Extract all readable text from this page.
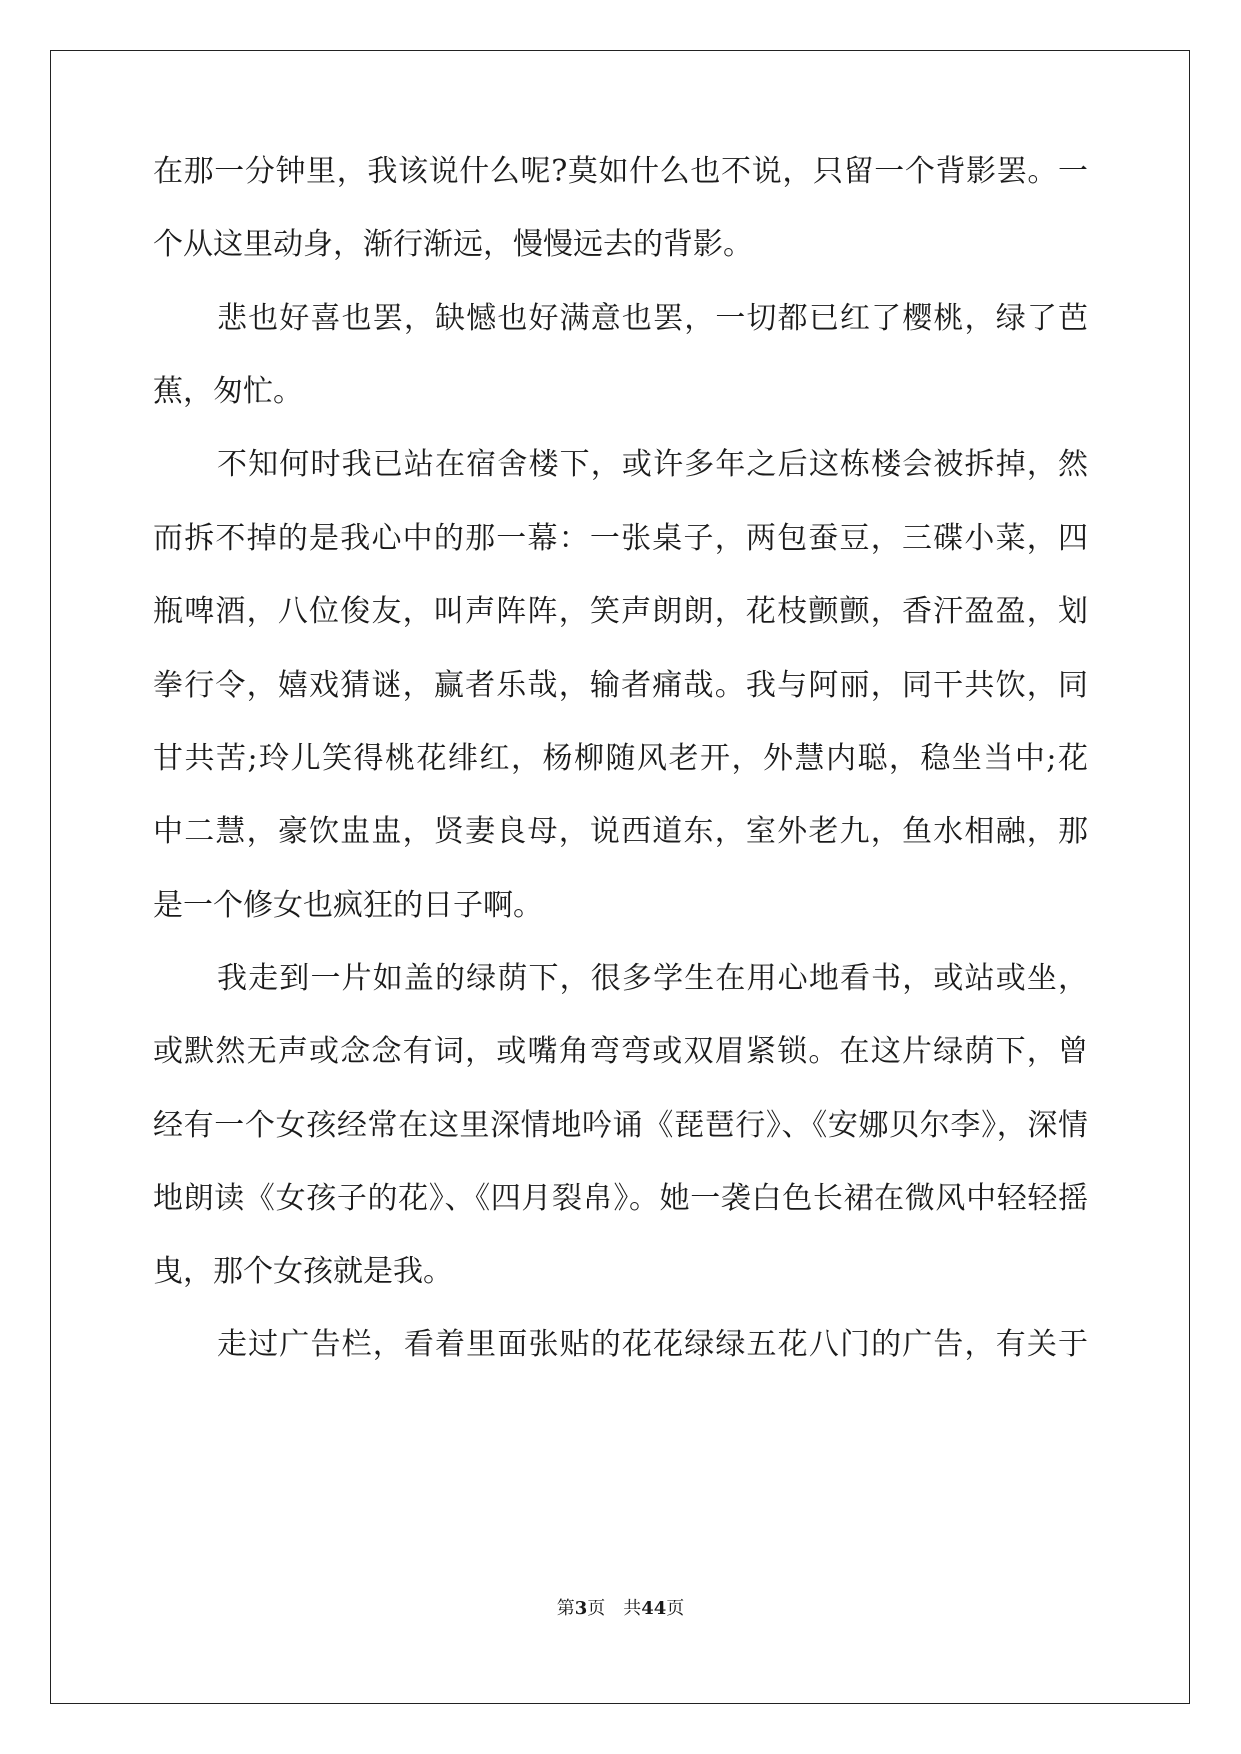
在那一分钟里，我该说什么呢?莫如什么也不说，只留一个背影罢。一
个从这里动身，渐行渐远，慢慢远去的背影。
悲也好喜也罢，缺憾也好满意也罢，一切都已红了樱桃，绿了芭
蕉，匆忙。
不知何时我已站在宿舍楼下，或许多年之后这栋楼会被拆掉，然
而拆不掉的是我心中的那一幕：一张桌子，两包蚕豆，三碟小菜，四
瓶啤酒，八位俊友，叫声阵阵，笑声朗朗，花枝颤颤，香汗盈盈，划
拳行令，嬉戏猜谜，赢者乐哉，输者痛哉。我与阿丽，同干共饮，同
甘共苦;玲儿笑得桃花绯红，杨柳随风老开，外慧内聪，稳坐当中;花
中二慧，豪饮盅盅，贤妻良母，说西道东，室外老九，鱼水相融，那
是一个修女也疯狂的日子啊。
我走到一片如盖的绿荫下，很多学生在用心地看书，或站或坐，
或默然无声或念念有词，或嘴角弯弯或双眉紧锁。在这片绿荫下，曾
经有一个女孩经常在这里深情地吟诵《琵琶行》、《安娜贝尔李》，深情
地朗读《女孩子的花》、《四月裂帛》。她一袭白色长裙在微风中轻轻摇
曳，那个女孩就是我。
走过广告栏，看着里面张贴的花花绿绿五花八门的广告，有关于
第3页 共44页
